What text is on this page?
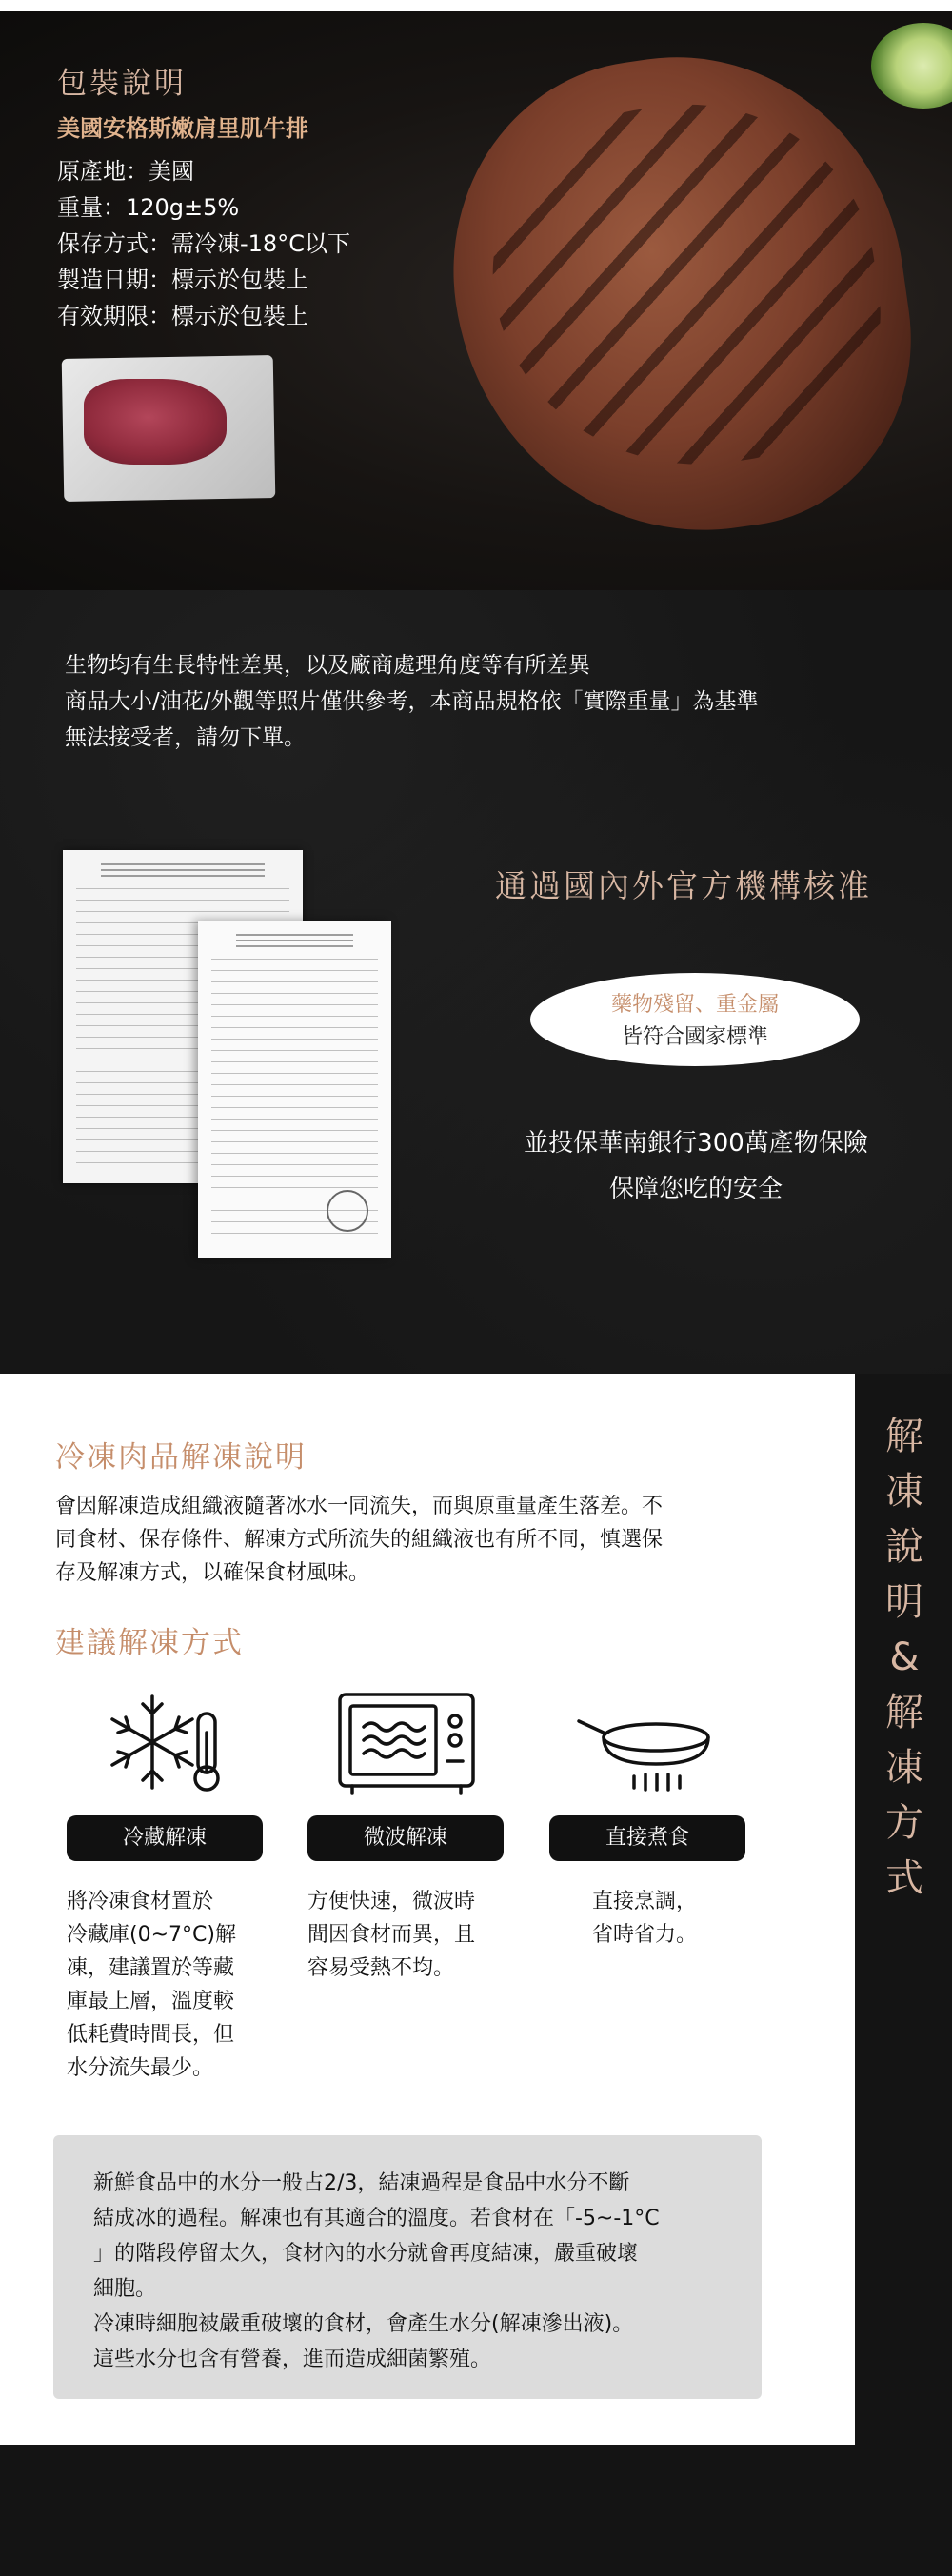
包裝說明
美國安格斯嫩肩里肌牛排
原產地：美國
重量：120g±5%
保存方式：需冷凍-18°C以下
製造日期：標示於包裝上
有效期限：標示於包裝上
生物均有生長特性差異，以及廠商處理角度等有所差異
商品大小/油花/外觀等照片僅供參考，本商品規格依「實際重量」為基準
無法接受者，請勿下單。
通過國內外官方機構核准
藥物殘留、重金屬
皆符合國家標準
並投保華南銀行300萬產物保險
保障您吃的安全
解
凍
說
明
&
解
凍
方
式
冷凍肉品解凍說明
會因解凍造成組織液隨著冰水一同流失，而與原重量產生落差。不
同食材、保存條件、解凍方式所流失的組織液也有所不同，慎選保
存及解凍方式，以確保食材風味。
建議解凍方式
冷藏解凍	微波解凍	直接煮食
將冷凍食材置於
冷藏庫(0~7°C)解
凍，建議置於等藏
庫最上層，溫度較
低耗費時間長，但
水分流失最少。
方便快速，微波時
間因食材而異，且
容易受熱不均。
直接烹調，
省時省力。
新鮮食品中的水分一般占2/3，結凍過程是食品中水分不斷
結成冰的過程。解凍也有其適合的溫度。若食材在「-5~-1°C
」的階段停留太久，食材內的水分就會再度結凍，嚴重破壞
細胞。
冷凍時細胞被嚴重破壞的食材，會產生水分(解凍滲出液)。
這些水分也含有營養，進而造成細菌繁殖。
